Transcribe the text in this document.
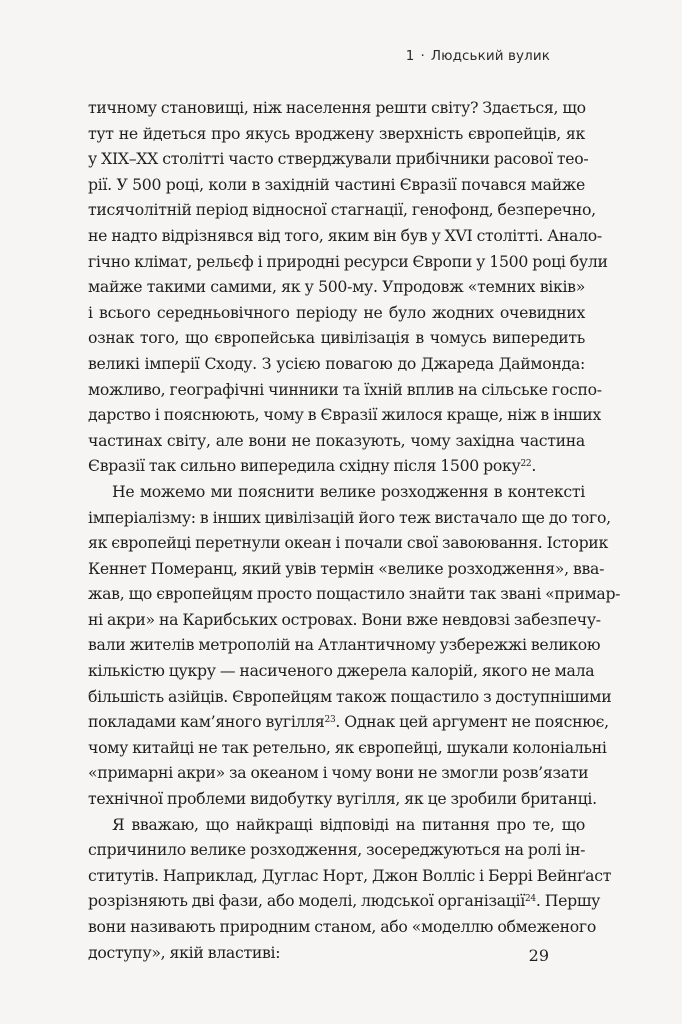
1 · Людський вулик
тичному становищі, ніж населення решти світу? Здається, що
тут не йдеться про якусь вроджену зверхність європейців, як
у XIX–XX столітті часто стверджували прибічники расової тео-
рії. У 500 році, коли в західній частині Євразії почався майже
тисячолітній період відносної стагнації, генофонд, безперечно,
не надто відрізнявся від того, яким він був у XVI столітті. Анало-
гічно клімат, рельєф і природні ресурси Європи у 1500 році були
майже такими самими, як у 500-му. Упродовж «темних віків»
і всього середньовічного періоду не було жодних очевидних
ознак того, що європейська цивілізація в чомусь випередить
великі імперії Сходу. З усією повагою до Джареда Даймонда:
можливо, географічні чинники та їхній вплив на сільське госпо-
дарство і пояснюють, чому в Євразії жилося краще, ніж в інших
частинах світу, але вони не показують, чому західна частина
Євразії так сильно випередила східну після 1500 року$^{22}$.
Не можемо ми пояснити велике розходження в контексті
імперіалізму: в інших цивілізацій його теж вистачало ще до того,
як європейці перетнули океан і почали свої завоювання. Історик
Кеннет Померанц, який увів термін «велике розходження», вва-
жав, що європейцям просто пощастило знайти так звані «примар-
ні акри» на Карибських островах. Вони вже невдовзі забезпечу-
вали жителів метрополій на Атлантичному узбережжі великою
кількістю цукру — насиченого джерела калорій, якого не мала
більшість азійців. Європейцям також пощастило з доступнішими
покладами кам’яного вугілля$^{23}$. Однак цей аргумент не пояснює,
чому китайці не так ретельно, як європейці, шукали колоніальні
«примарні акри» за океаном і чому вони не змогли розв’язати
технічної проблеми видобутку вугілля, як це зробили британці.
Я вважаю, що найкращі відповіді на питання про те, що
спричинило велике розходження, зосереджуються на ролі ін-
ститутів. Наприклад, Дуглас Норт, Джон Волліс і Беррі Вейнґаст
розрізняють дві фази, або моделі, людської організації$^{24}$. Першу
вони називають природним станом, або «моделлю обмеженого
доступу», якій властиві:	29
